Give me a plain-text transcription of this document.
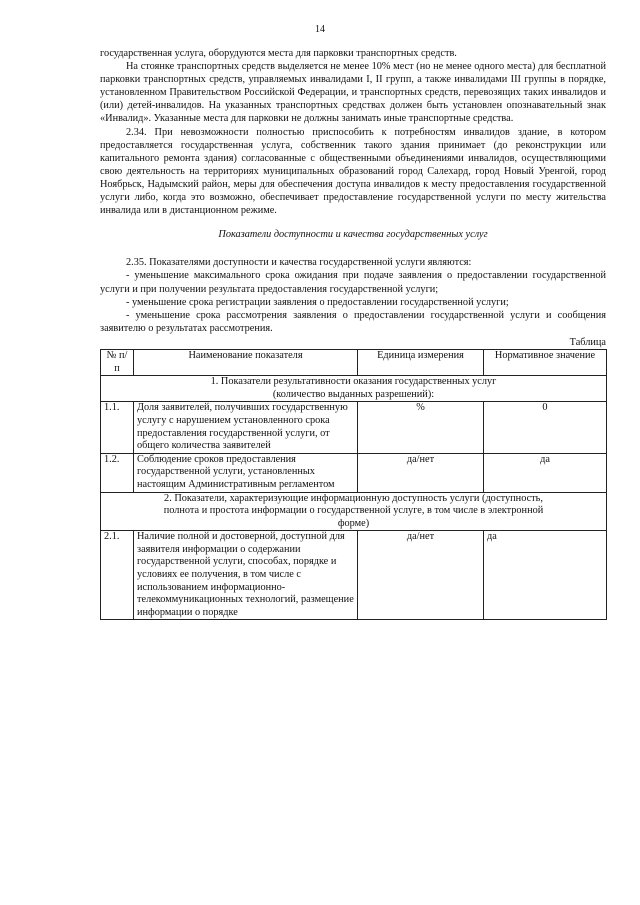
14

государственная услуга, оборудуются места для парковки транспортных средств.

На стоянке транспортных средств выделяется не менее 10% мест (но не менее одного места) для бесплатной парковки транспортных средств, управляемых инвалидами I, II групп, а также инвалидами III группы в порядке, установленном Правительством Российской Федерации, и транспортных средств, перевозящих таких инвалидов и (или) детей-инвалидов. На указанных транспортных средствах должен быть установлен опознавательный знак «Инвалид». Указанные места для парковки не должны занимать иные транспортные средства.

2.34. При невозможности полностью приспособить к потребностям инвалидов здание, в котором предоставляется государственная услуга, собственник такого здания принимает (до реконструкции или капитального ремонта здания) согласованные с общественными объединениями инвалидов, осуществляющими свою деятельность на территориях муниципальных образований город Салехард, город Новый Уренгой, город Ноябрьск, Надымский район, меры для обеспечения доступа инвалидов к месту предоставления государственной услуги либо, когда это возможно, обеспечивает предоставление государственной услуги по месту жительства инвалида или в дистанционном режиме.

Показатели доступности и качества государственных услуг

2.35. Показателями доступности и качества государственной услуги являются:

- уменьшение максимального срока ожидания при подаче заявления о предоставлении государственной услуги и при получении результата предоставления государственной услуги;

- уменьшение срока регистрации заявления о предоставлении государственной услуги;

- уменьшение срока рассмотрения заявления о предоставлении государственной услуги и сообщения заявителю о результатах рассмотрения.

Таблица

№ п/п	Наименование показателя	Единица измерения	Нормативное значение
1. Показатели результативности оказания государственных услуг (количество выданных разрешений):			
1.1.	Доля заявителей, получивших государственную услугу с нарушением установленного срока предоставления государственной услуги, от общего количества заявителей	%	0
1.2.	Соблюдение сроков предоставления государственной услуги, установленных настоящим Административным регламентом	да/нет	да
2. Показатели, характеризующие информационную доступность услуги (доступность, полнота и простота информации о государственной услуге, в том числе в электронной форме)			
2.1.	Наличие полной и достоверной, доступной для заявителя информации о содержании государственной услуги, способах, порядке и условиях ее получения, в том числе с использованием информационно-телекоммуникационных технологий, размещение информации о порядке	да/нет	да
